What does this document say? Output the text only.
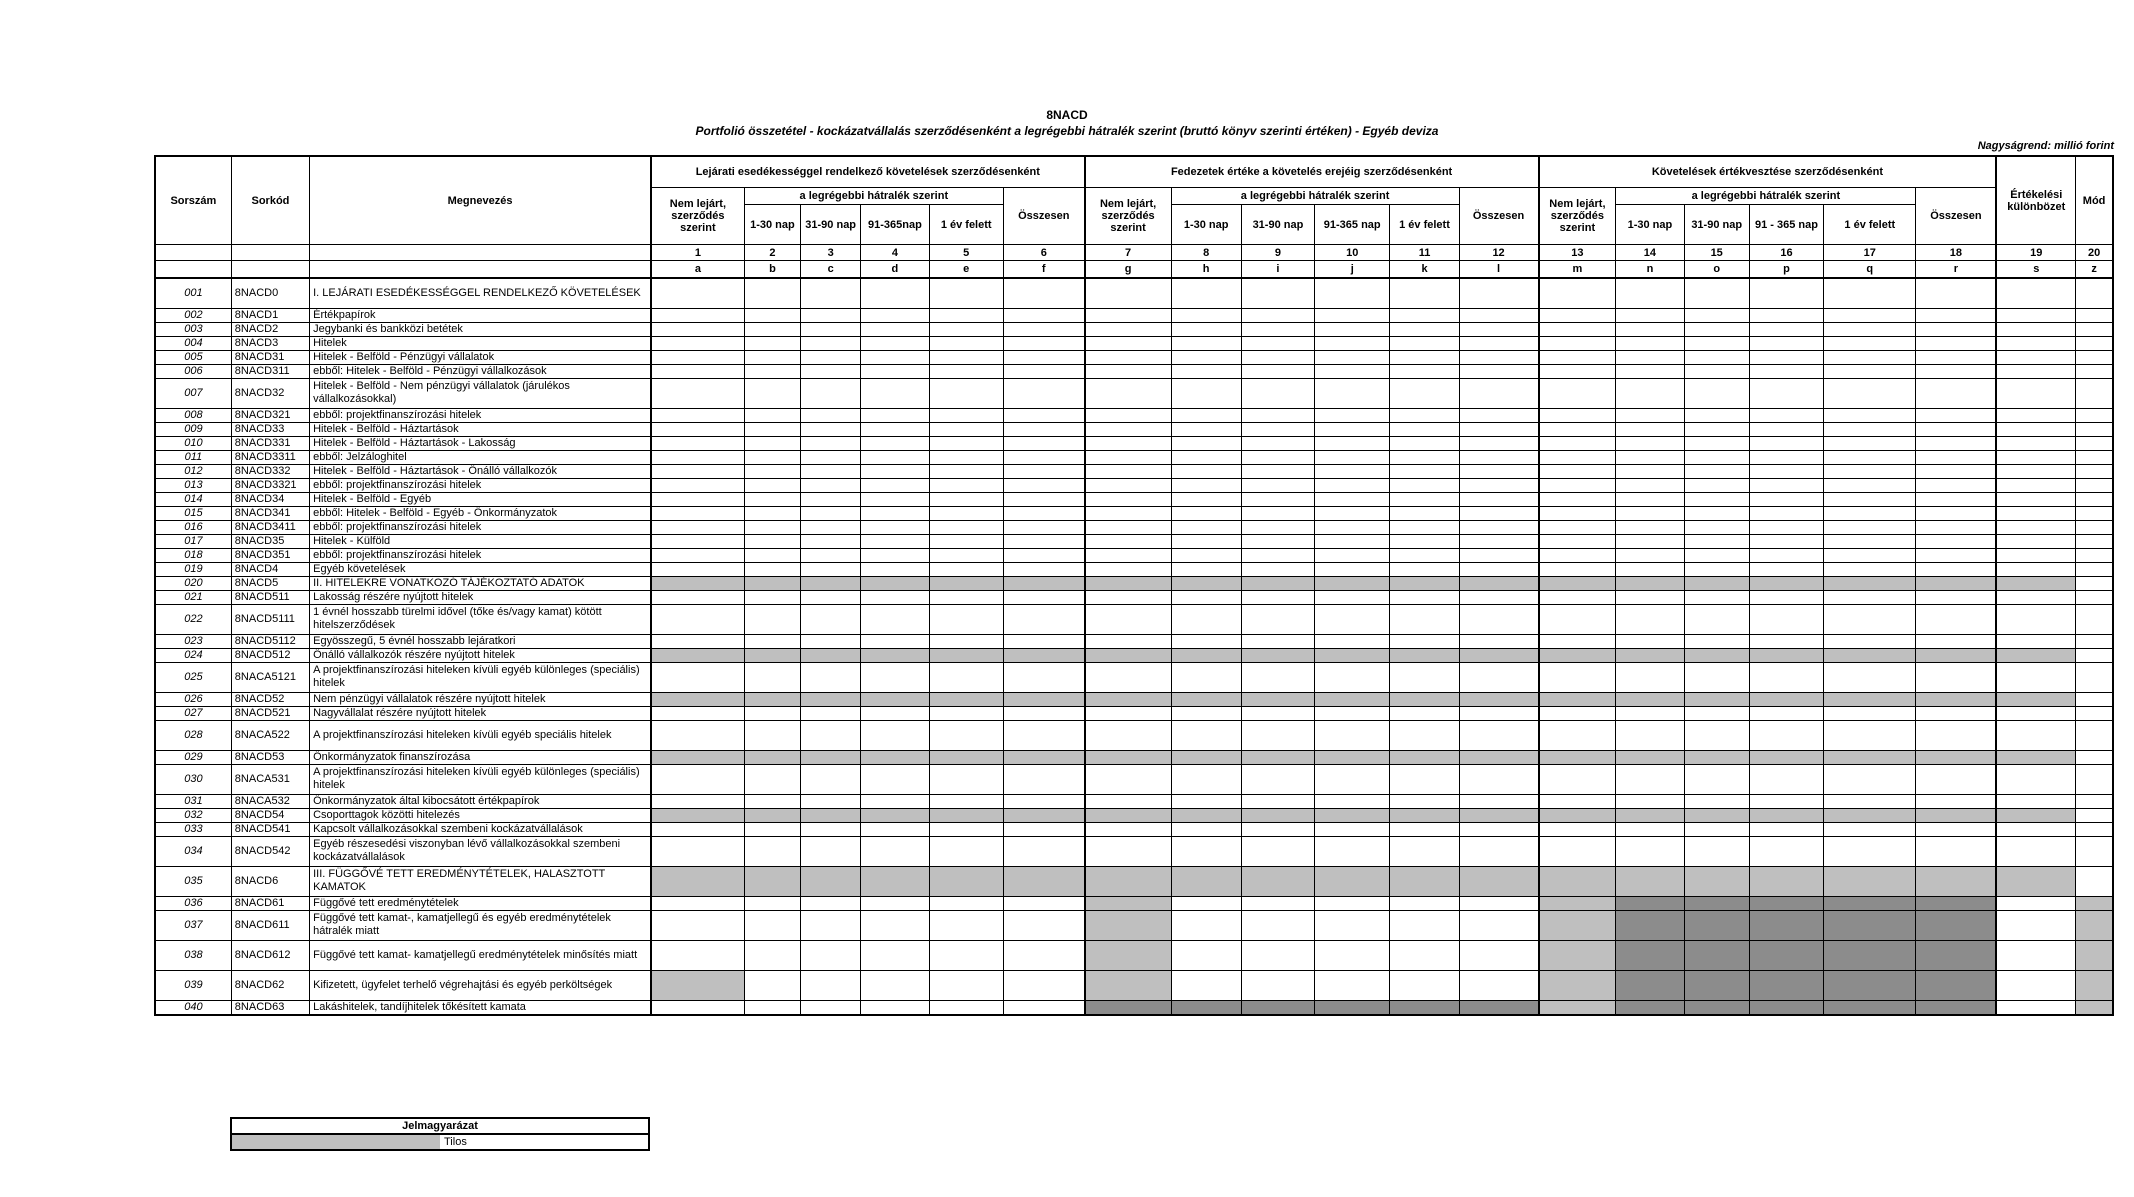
8NACD
Portfolió összetétel - kockázatvállalás szerződésenként a legrégebbi hátralék szerint (bruttó könyv szerinti értéken) - Egyéb deviza
Nagyságrend: millió forint
Sorszám	Sorkód	Megnevezés	Lejárati esedékességgel rendelkező követelések szerződésenként						Fedezetek értéke a követelés erejéig szerződésenként						Követelések értékvesztése szerződésenként						Értékelési különbözet	Mód
			Nem lejárt, szerződés szerint	a legrégebbi hátralék szerint				Összesen	Nem lejárt, szerződés szerint	a legrégebbi hátralék szerint				Összesen	Nem lejárt, szerződés szerint	a legrégebbi hátralék szerint				Összesen		
				1-30 nap	31-90 nap	91-365nap	1 év felett			1-30 nap	31-90 nap	91-365 nap	1 év felett			1-30 nap	31-90 nap	91 - 365 nap	1 év felett			
			1	2	3	4	5	6	7	8	9	10	11	12	13	14	15	16	17	18	19	20
			a	b	c	d	e	f	g	h	i	j	k	l	m	n	o	p	q	r	s	z
001	8NACD0	I. LEJÁRATI ESEDÉKESSÉGGEL RENDELKEZŐ KÖVETELÉSEK																				
002	8NACD1	Értékpapírok																				
003	8NACD2	Jegybanki és bankközi betétek																				
004	8NACD3	Hitelek																				
005	8NACD31	Hitelek - Belföld - Pénzügyi vállalatok																				
006	8NACD311	ebből: Hitelek - Belföld - Pénzügyi vállalkozások																				
007	8NACD32	Hitelek - Belföld - Nem pénzügyi vállalatok (járulékos vállalkozásokkal)																				
008	8NACD321	ebből: projektfinanszírozási hitelek																				
009	8NACD33	Hitelek - Belföld - Háztartások																				
010	8NACD331	Hitelek - Belföld - Háztartások - Lakosság																				
011	8NACD3311	ebből: Jelzáloghitel																				
012	8NACD332	Hitelek - Belföld - Háztartások - Önálló vállalkozók																				
013	8NACD3321	ebből: projektfinanszírozási hitelek																				
014	8NACD34	Hitelek - Belföld - Egyéb																				
015	8NACD341	ebből: Hitelek - Belföld - Egyéb - Önkormányzatok																				
016	8NACD3411	ebből: projektfinanszírozási hitelek																				
017	8NACD35	Hitelek - Külföld																				
018	8NACD351	ebből: projektfinanszírozási hitelek																				
019	8NACD4	Egyéb követelések																				
020	8NACD5	II. HITELEKRE VONATKOZÓ TÁJÉKOZTATÓ ADATOK																				
021	8NACD511	Lakosság részére nyújtott hitelek																				
022	8NACD5111	1 évnél hosszabb türelmi idővel (tőke és/vagy kamat) kötött hitelszerződések																				
023	8NACD5112	Egyösszegű, 5 évnél hosszabb lejáratkori																				
024	8NACD512	Önálló vállalkozók részére nyújtott hitelek																				
025	8NACA5121	A projektfinanszírozási hiteleken kívüli egyéb különleges (speciális) hitelek																				
026	8NACD52	Nem pénzügyi vállalatok részére nyújtott hitelek																				
027	8NACD521	Nagyvállalat részére nyújtott hitelek																				
028	8NACA522	A projektfinanszírozási hiteleken kívüli egyéb speciális hitelek																				
029	8NACD53	Önkormányzatok finanszírozása																				
030	8NACA531	A projektfinanszírozási hiteleken kívüli egyéb különleges (speciális) hitelek																				
031	8NACA532	Önkormányzatok által kibocsátott értékpapírok																				
032	8NACD54	Csoporttagok közötti hitelezés																				
033	8NACD541	Kapcsolt vállalkozásokkal szembeni kockázatvállalások																				
034	8NACD542	Egyéb részesedési viszonyban lévő vállalkozásokkal szembeni kockázatvállalások																				
035	8NACD6	III. FÜGGŐVÉ TETT EREDMÉNYTÉTELEK, HALASZTOTT KAMATOK																				
036	8NACD61	Függővé tett eredménytételek																				
037	8NACD611	Függővé tett kamat-, kamatjellegű és egyéb eredménytételek hátralék miatt																				
038	8NACD612	Függővé tett kamat- kamatjellegű eredménytételek minősítés miatt																				
039	8NACD62	Kifizetett, ügyfelet terhelő végrehajtási és egyéb perköltségek																				
040	8NACD63	Lakáshitelek, tandíjhitelek tőkésített kamata																				
Jelmagyarázat
	Tilos
